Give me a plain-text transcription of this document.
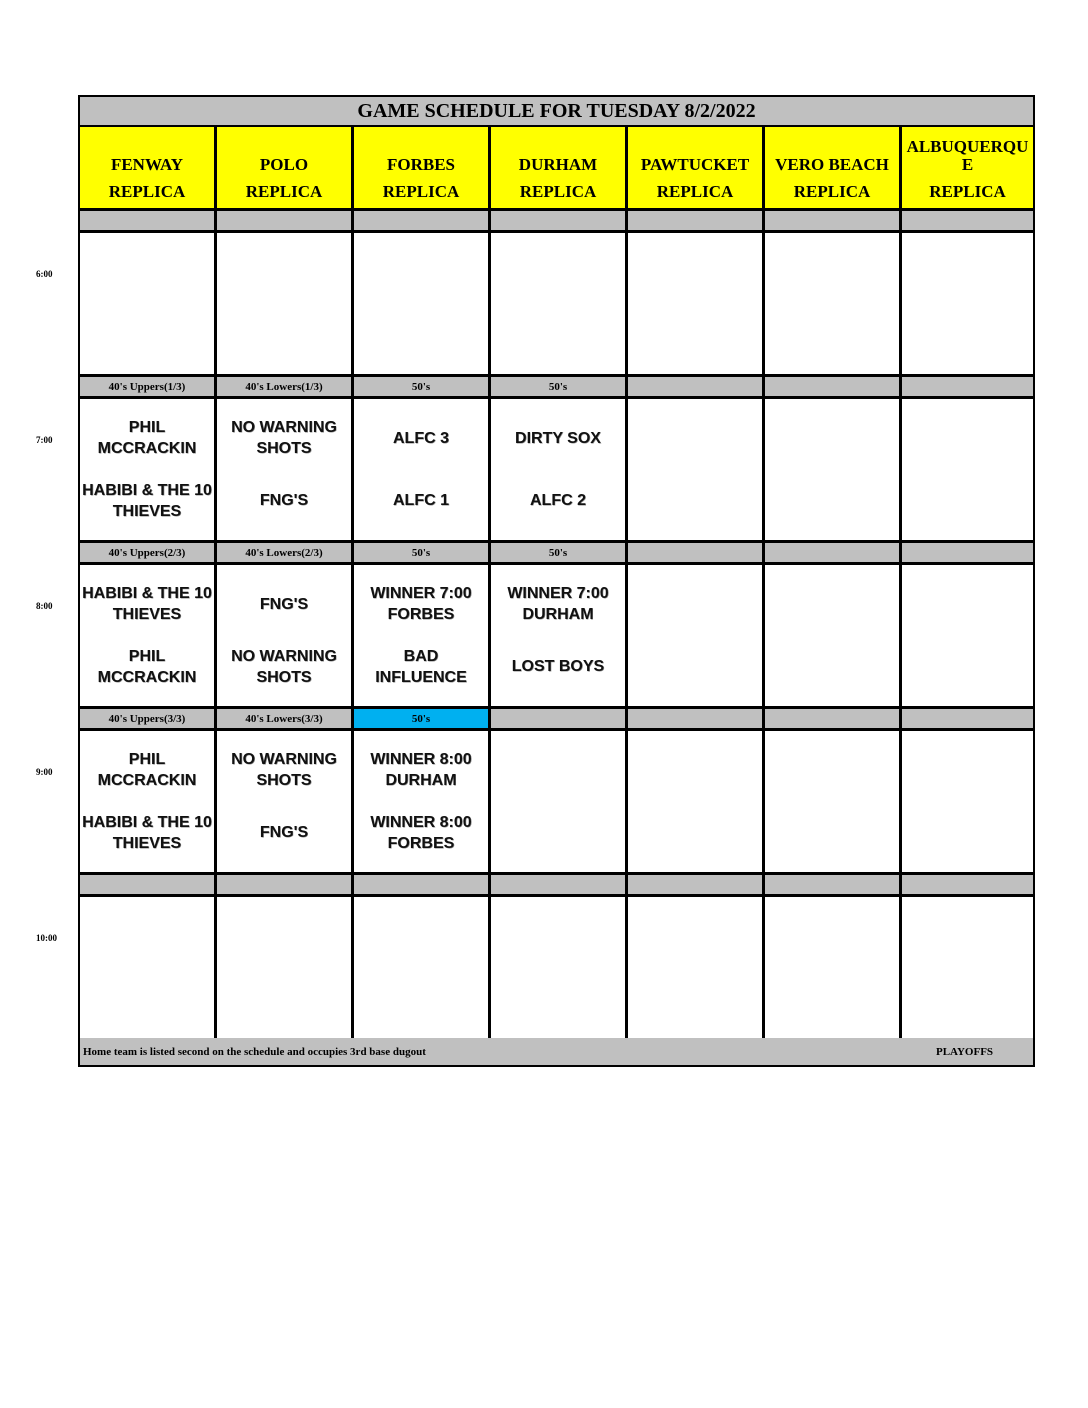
6:00
7:00
8:00
9:00
10:00
GAME SCHEDULE FOR TUESDAY 8/2/2022
FENWAY
REPLICA
POLO
REPLICA
FORBES
REPLICA
DURHAM
REPLICA
PAWTUCKET
REPLICA
VERO BEACH
REPLICA
ALBUQUERQU E
REPLICA
40's Uppers(1/3)
PHIL MCCRACKIN
HABIBI & THE 10 THIEVES
40's Lowers(1/3)
NO WARNING SHOTS
FNG'S
50's
ALFC 3
ALFC 1
50's
DIRTY SOX
ALFC 2
40's Uppers(2/3)
HABIBI & THE 10 THIEVES
PHIL MCCRACKIN
40's Lowers(2/3)
FNG'S
NO WARNING SHOTS
50's
WINNER 7:00 FORBES
BAD INFLUENCE
50's
WINNER 7:00 DURHAM
LOST BOYS
40's Uppers(3/3)
PHIL MCCRACKIN
HABIBI & THE 10 THIEVES
40's Lowers(3/3)
NO WARNING SHOTS
FNG'S
50's
WINNER 8:00 DURHAM
WINNER 8:00 FORBES
Home team is listed second on the schedule and occupies 3rd base dugout	PLAYOFFS
